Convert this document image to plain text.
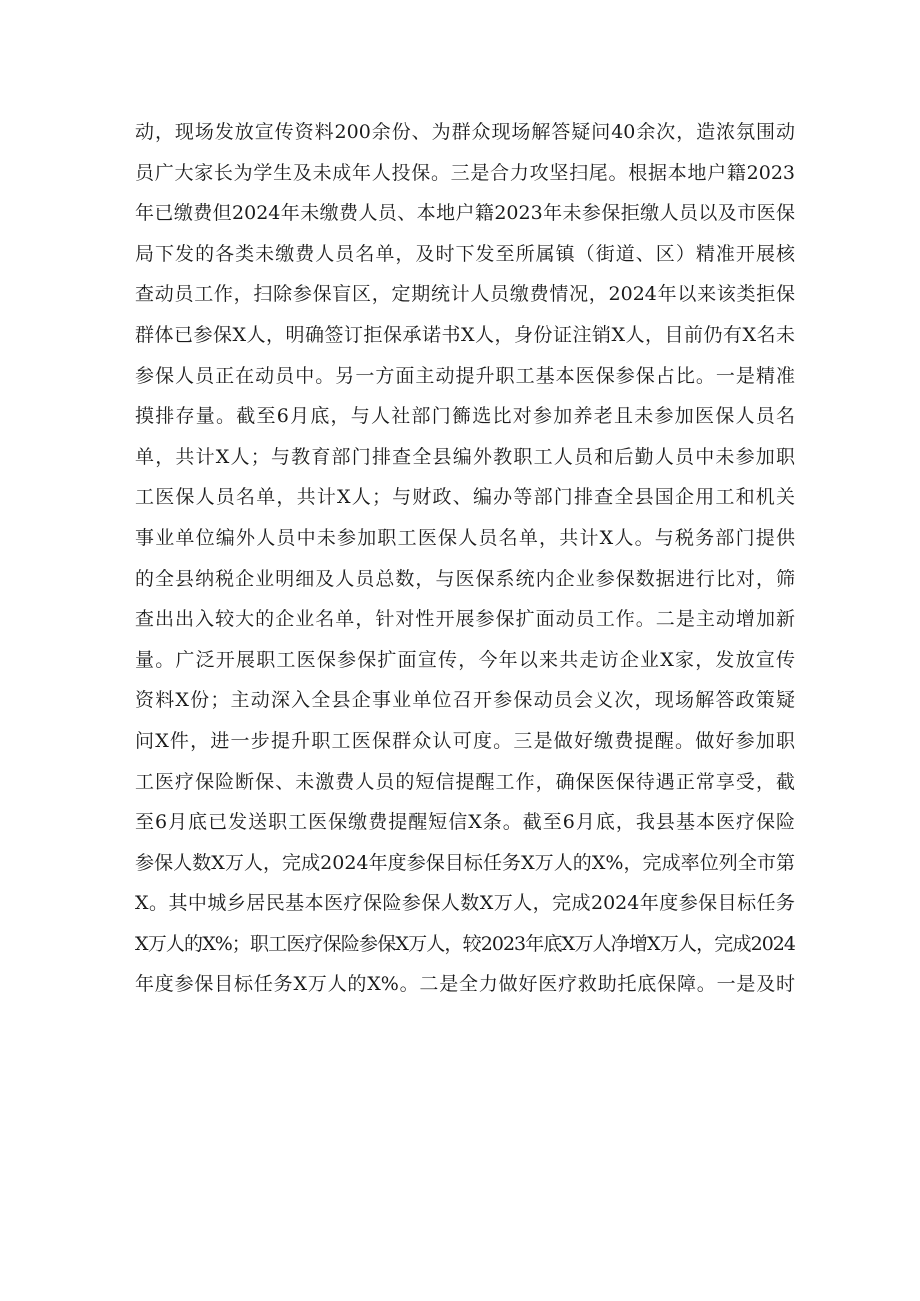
动，现场发放宣传资料200余份、为群众现场解答疑问40余次，造浓氛围动
员广大家长为学生及未成年人投保。三是合力攻坚扫尾。根据本地户籍2023
年已缴费但2024年未缴费人员、本地户籍2023年未参保拒缴人员以及市医保
局下发的各类未缴费人员名单，及时下发至所属镇（街道、区）精准开展核
查动员工作，扫除参保盲区，定期统计人员缴费情况，2024年以来该类拒保
群体已参保X人，明确签订拒保承诺书X人，身份证注销X人，目前仍有X名未
参保人员正在动员中。另一方面主动提升职工基本医保参保占比。一是精准
摸排存量。截至6月底，与人社部门籂选比对参加养老且未参加医保人员名
单，共计X人；与教育部门排查全县编外教职工人员和后勤人员中未参加职
工医保人员名单，共计X人；与财政、编办等部门排查全县国企用工和机关
事业单位编外人员中未参加职工医保人员名单，共计X人。与税务部门提供
的全县纳税企业明细及人员总数，与医保系统内企业参保数据进行比对，筛
查出出入较大的企业名单，针对性开展参保扩面动员工作。二是主动增加新
量。广泛开展职工医保参保扩面宣传，今年以来共走访企业X家，发放宣传
资料X份；主动深入全县企事业单位召开参保动员会义次，现场解答政策疑
问X件，进一步提升职工医保群众认可度。三是做好缴费提醒。做好参加职
工医疗保险断保、未激费人员的短信提醒工作，确保医保待遇正常享受，截
至6月底已发送职工医保缴费提醒短信X条。截至6月底，我县基本医疗保险
参保人数X万人，完成2024年度参保目标任务X万人的X%，完成率位列全市第
X。其中城乡居民基本医疗保险参保人数X万人，完成2024年度参保目标任务
X万人的X%；职工医疗保险参保X万人，较2023年底X万人净增X万人，完成2024
年度参保目标任务X万人的X%。二是全力做好医疗救助托底保障。一是及时
